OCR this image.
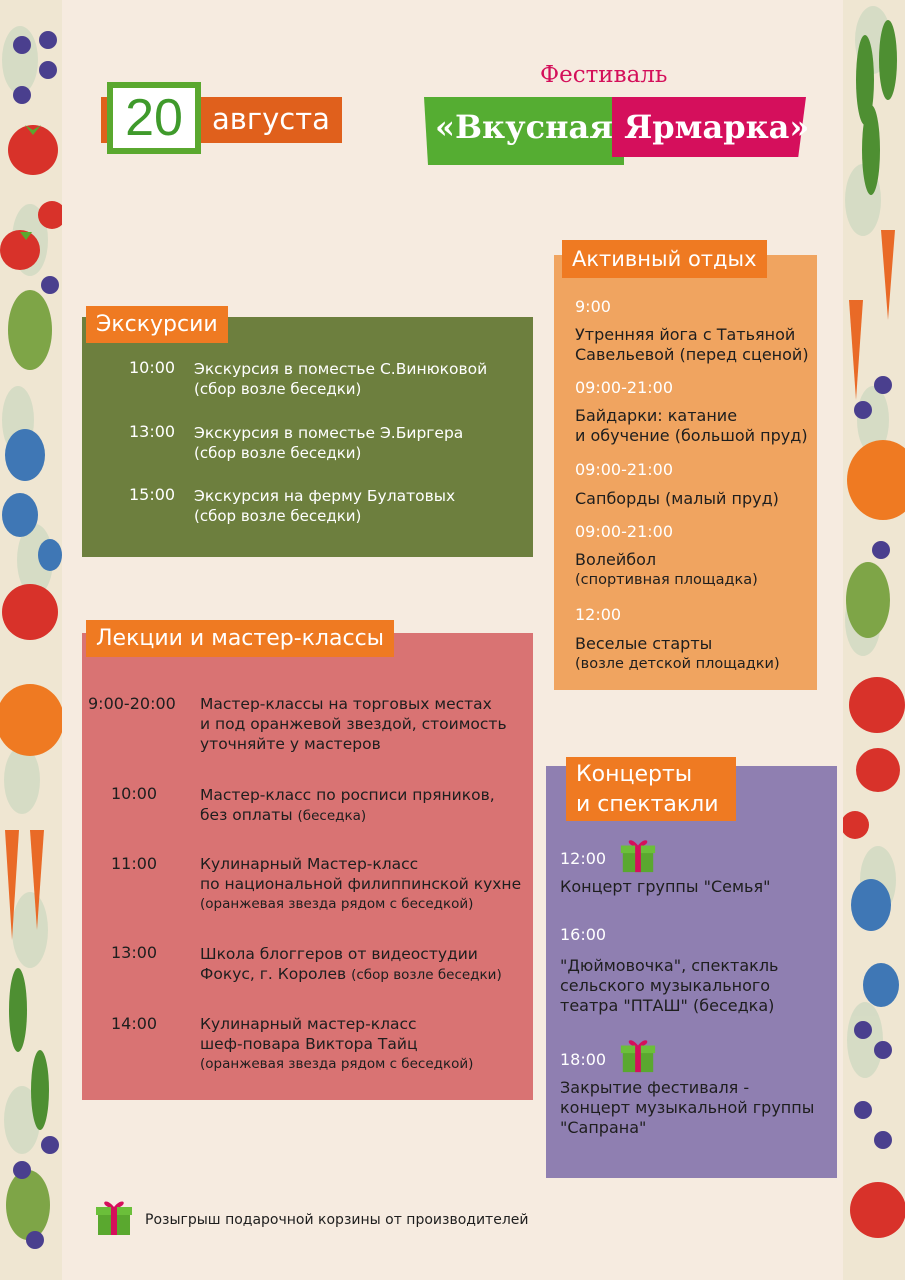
20	августа
Фестиваль
«Вкусная Ярмарка»
Экскурсии
10:00 Экскурсия в поместье С.Винюковой
(сбор возле беседки)
13:00 Экскурсия в поместье Э.Биргера
(сбор возле беседки)
15:00 Экскурсия на ферму Булатовых
(сбор возле беседки)
Лекции и мастер-классы
9:00-20:00 Мастер-классы на торговых местах
и под оранжевой звездой, стоимость
уточняйте у мастеров
10:00	Мастер-класс по росписи пряников,
без оплаты (беседка)
11:00	Кулинарный Мастер-класс
по национальной филиппинской кухне
(оранжевая звезда рядом с беседкой)
13:00	Школа блоггеров от видеостудии
Фокус, г. Королев (сбор возле беседки)
14:00	Кулинарный мастер-класс
шеф-повара Виктора Тайц
(оранжевая звезда рядом с беседкой)
Активный отдых
9:00
Утренняя йога с Татьяной
Савельевой (перед сценой)
09:00-21:00
Байдарки: катание
и обучение (большой пруд)
09:00-21:00
Сапборды (малый пруд)
09:00-21:00
Волейбол
(спортивная площадка)
12:00
Веселые старты
(возле детской площадки)
Концерты
и спектакли
12:00
Концерт группы "Семья"
16:00
"Дюймовочка", спектакль
сельского музыкального
театра "ПТАШ" (беседка)
18:00
Закрытие фестиваля -
концерт музыкальной группы
"Сапрана"
Розыгрыш подарочной корзины от производителей
